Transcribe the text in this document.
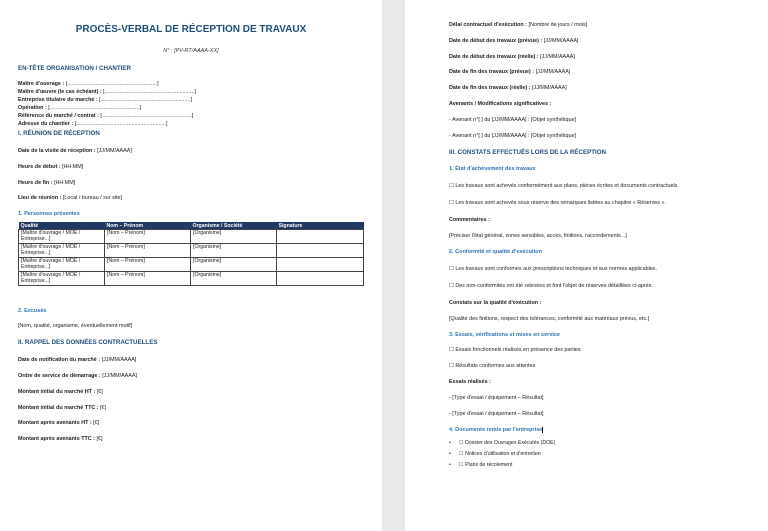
PROCÈS-VERBAL DE RÉCEPTION DE TRAVAUX
N° : [PV-RT/AAAA-XX]
EN-TÊTE ORGANISATION / CHANTIER
Maître d'ouvrage : [............................................................]
Maître d'œuvre (le cas échéant) : [............................................................]
Entreprise titulaire du marché : [............................................................]
Opération : [............................................................]
Référence du marché / contrat : [............................................................]
Adresse du chantier : [............................................................]
I. RÉUNION DE RÉCEPTION
Date de la visite de réception : [JJ/MM/AAAA]
Heure de début : [HH:MM]
Heure de fin : [HH:MM]
Lieu de réunion : [Local / bureau / sur site]
1. Personnes présentes
Qualité	Nom – Prénom	Organisme / Société	Signature
[Maître d'ouvrage / MOE / Entreprise...]	[Nom – Prénom]	[Organisme]	
[Maître d'ouvrage / MOE / Entreprise...]	[Nom – Prénom]	[Organisme]	
[Maître d'ouvrage / MOE / Entreprise...]	[Nom – Prénom]	[Organisme]	
[Maître d'ouvrage / MOE / Entreprise...]	[Nom – Prénom]	[Organisme]	
2. Excusés
[Nom, qualité, organisme, éventuellement motif]
II. RAPPEL DES DONNÉES CONTRACTUELLES
Date de notification du marché : [JJ/MM/AAAA]
Ordre de service de démarrage : [JJ/MM/AAAA]
Montant initial du marché HT : [€]
Montant initial du marché TTC : [€]
Montant après avenants HT : [€]
Montant après avenants TTC : [€]
Délai contractuel d'exécution : [Nombre de jours / mois]
Date de début des travaux (prévue) : [JJ/MM/AAAA]
Date de début des travaux (réelle) : [JJ/MM/AAAA]
Date de fin des travaux (prévue) : [JJ/MM/AAAA]
Date de fin des travaux (réelle) : [JJ/MM/AAAA]
Avenants / Modifications significatives :
- Avenant n°[ ] du [JJ/MM/AAAA] : [Objet synthétique]
- Avenant n°[ ] du [JJ/MM/AAAA] : [Objet synthétique]
III. CONSTATS EFFECTUÉS LORS DE LA RÉCEPTION
1. État d'achèvement des travaux
☐ Les travaux sont achevés conformément aux plans, pièces écrites et documents contractuels.
☐ Les travaux sont achevés sous réserve des remarques listées au chapitre « Réserves ».
Commentaires :
[Préciser l'état général, zones sensibles, accès, finitions, raccordements...]
2. Conformité et qualité d'exécution
☐ Les travaux sont conformes aux prescriptions techniques et aux normes applicables.
☐ Des non-conformités ont été relevées et font l'objet de réserves détaillées ci-après.
Constats sur la qualité d'exécution :
[Qualité des finitions, respect des tolérances, conformité aux matériaux prévus, etc.]
3. Essais, vérifications et mises en service
☐ Essais fonctionnels réalisés en présence des parties
☐ Résultats conformes aux attentes
Essais réalisés :
- [Type d'essai / équipement – Résultat]
- [Type d'essai / équipement – Résultat]
4. Documents remis par l'entreprise
• ☐ Dossier des Ouvrages Exécutés (DOE)
• ☐ Notices d'utilisation et d'entretien
• ☐ Plans de récolement
